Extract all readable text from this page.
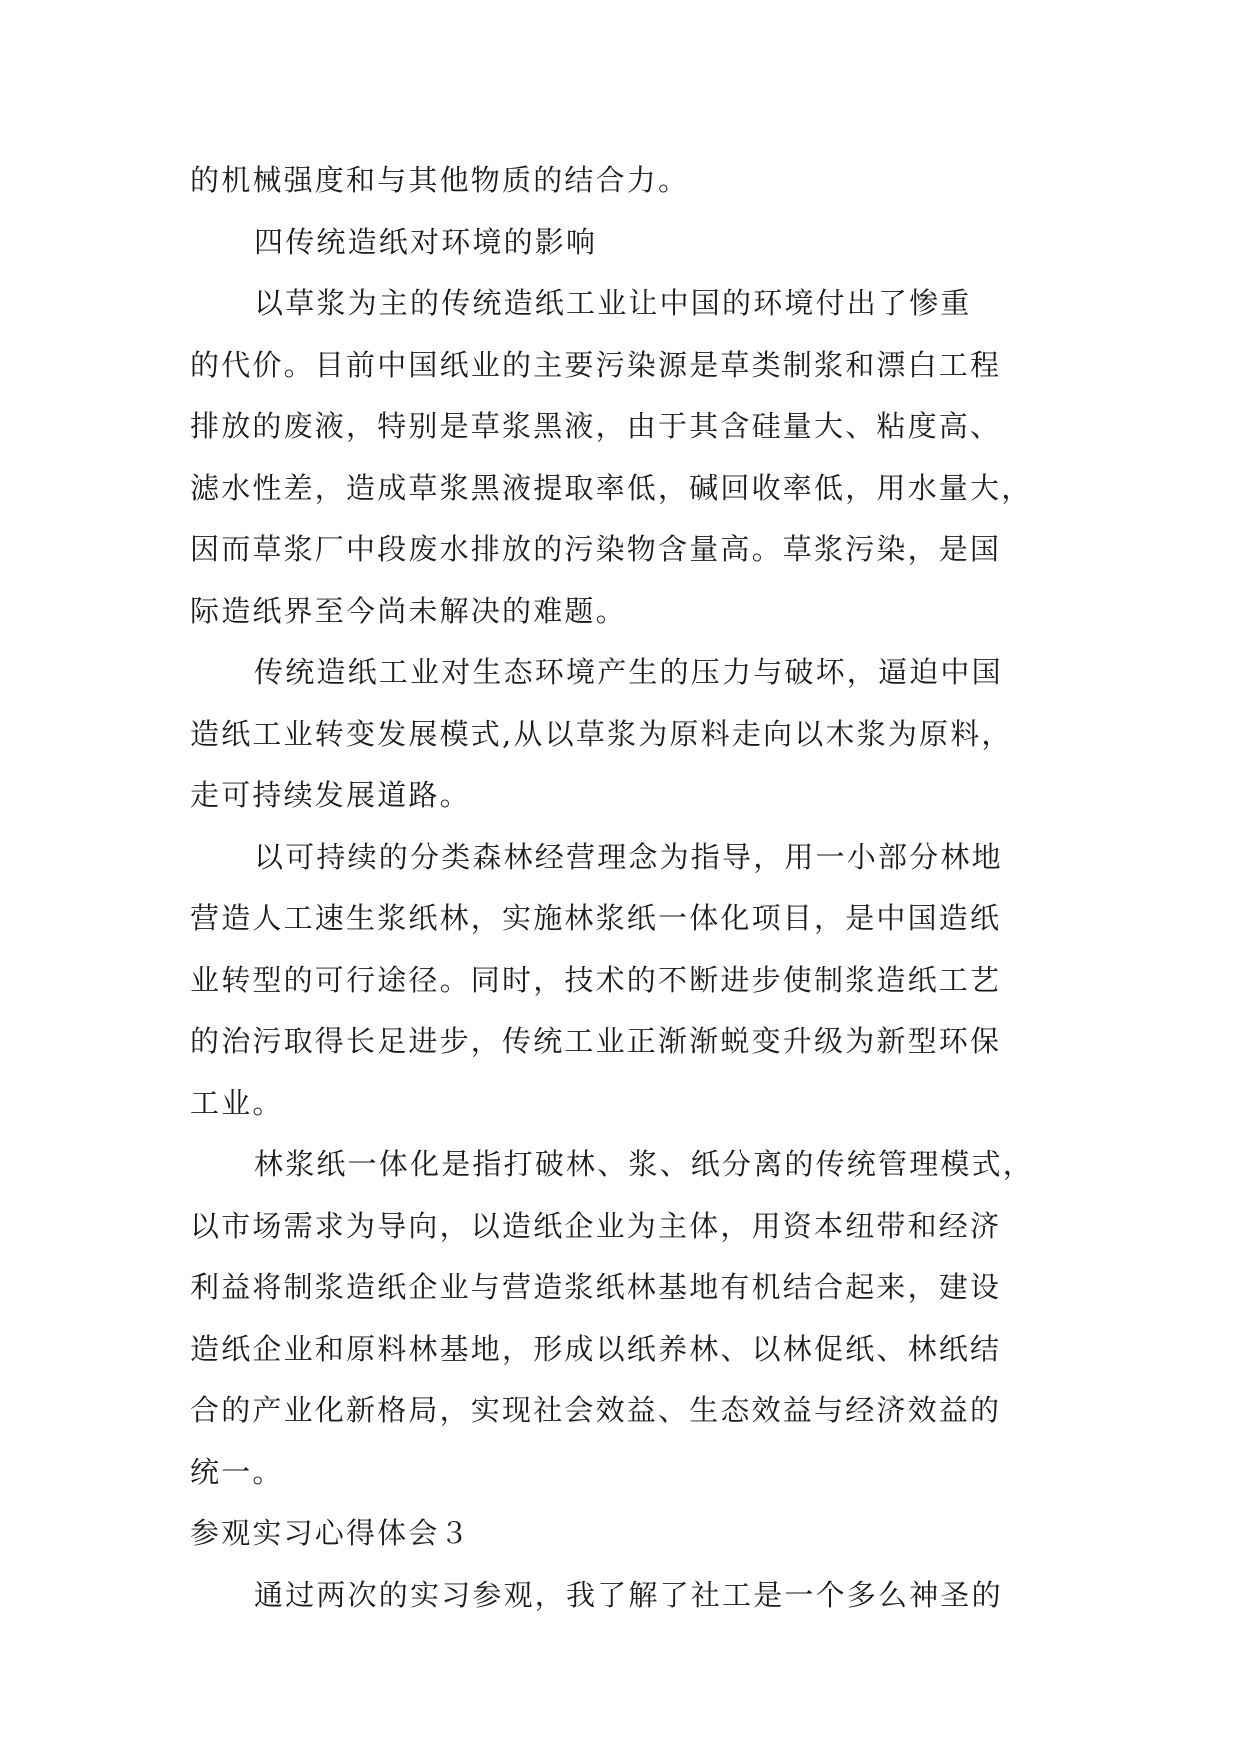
的机械强度和与其他物质的结合力。
四传统造纸对环境的影响
以草浆为主的传统造纸工业让中国的环境付出了惨重
的代价。目前中国纸业的主要污染源是草类制浆和漂白工程
排放的废液，特别是草浆黑液，由于其含硅量大、粘度高、
滤水性差，造成草浆黑液提取率低，碱回收率低，用水量大，
因而草浆厂中段废水排放的污染物含量高。草浆污染，是国
际造纸界至今尚未解决的难题。
传统造纸工业对生态环境产生的压力与破坏，逼迫中国
造纸工业转变发展模式,从以草浆为原料走向以木浆为原料，
走可持续发展道路。
以可持续的分类森林经营理念为指导，用一小部分林地
营造人工速生浆纸林，实施林浆纸一体化项目，是中国造纸
业转型的可行途径。同时，技术的不断进步使制浆造纸工艺
的治污取得长足进步，传统工业正渐渐蜕变升级为新型环保
工业。
林浆纸一体化是指打破林、浆、纸分离的传统管理模式，
以市场需求为导向，以造纸企业为主体，用资本纽带和经济
利益将制浆造纸企业与营造浆纸林基地有机结合起来，建设
造纸企业和原料林基地，形成以纸养林、以林促纸、林纸结
合的产业化新格局，实现社会效益、生态效益与经济效益的
统一。
参观实习心得体会３
通过两次的实习参观，我了解了社工是一个多么神圣的
